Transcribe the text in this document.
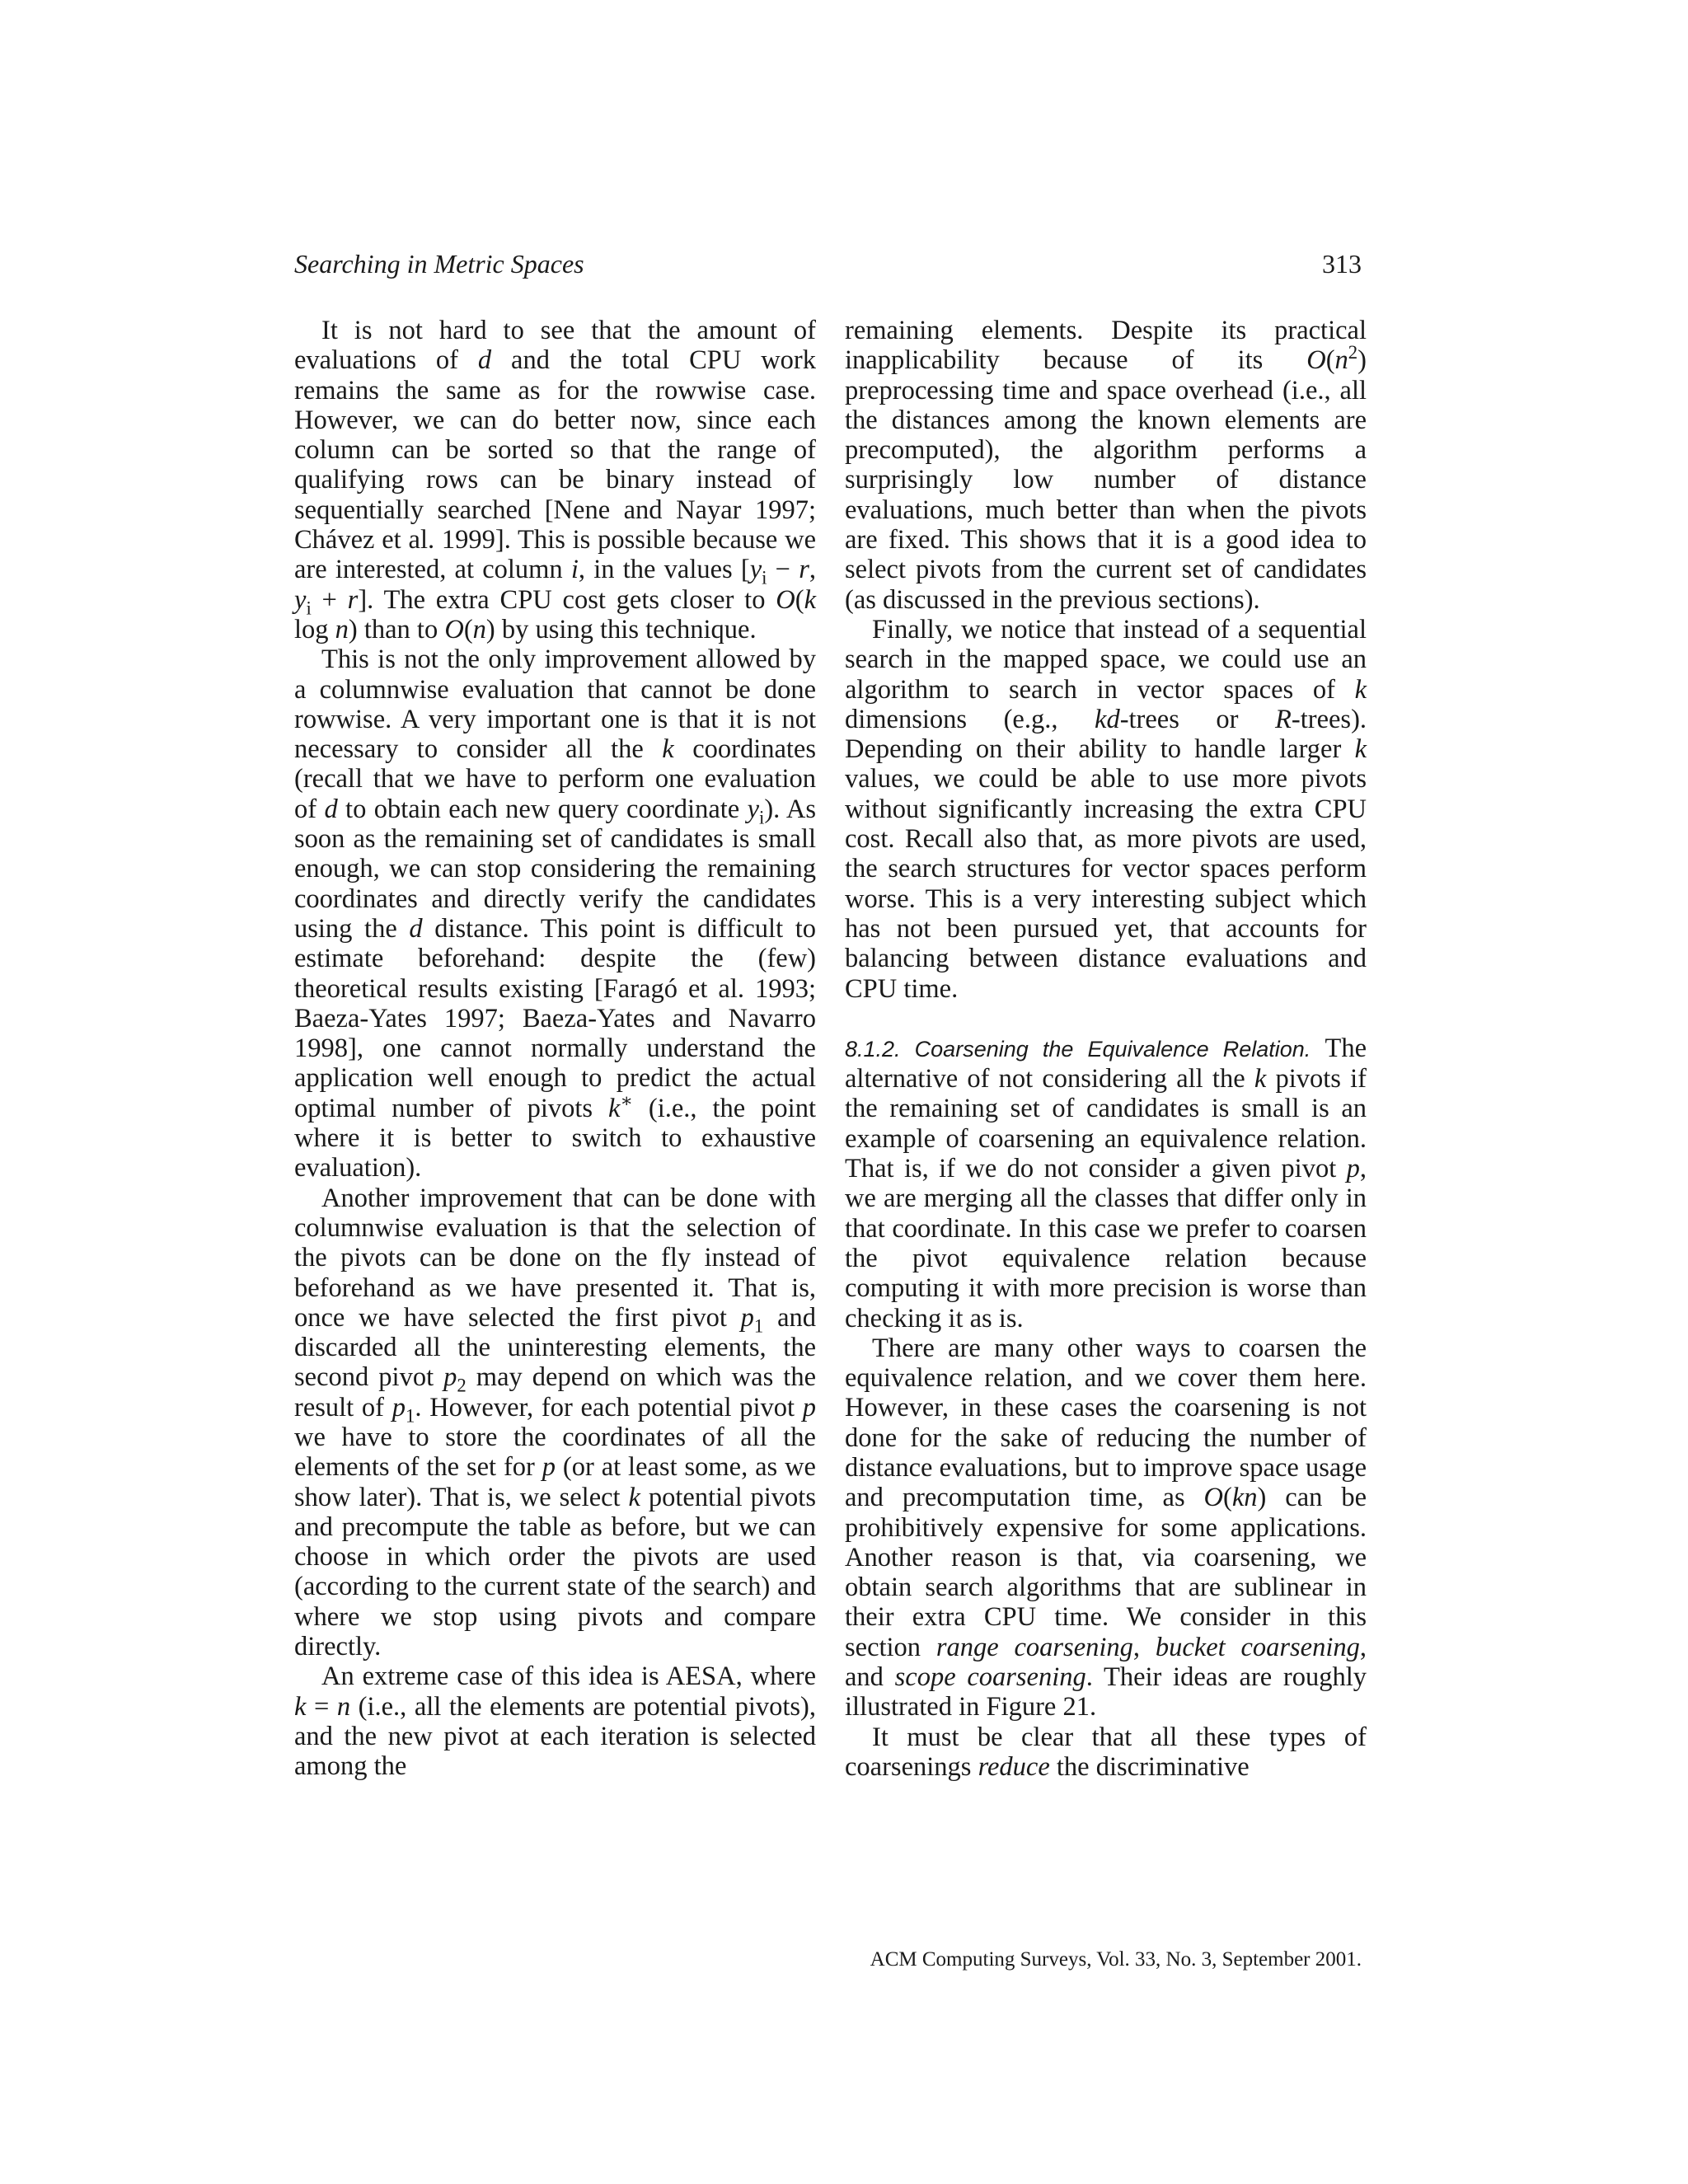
Searching in Metric Spaces	313

It is not hard to see that the amount of evaluations of d and the total CPU work remains the same as for the rowwise case. However, we can do better now, since each column can be sorted so that the range of qualifying rows can be binary instead of sequentially searched [Nene and Nayar 1997; Chávez et al. 1999]. This is possible because we are interested, at column i, in the values [$y_i - r$, $y_i + r$]. The extra CPU cost gets closer to O(k log n) than to O(n) by using this technique.

This is not the only improvement allowed by a columnwise evaluation that cannot be done rowwise. A very important one is that it is not necessary to consider all the k coordinates (recall that we have to perform one evaluation of d to obtain each new query coordinate $y_i$). As soon as the remaining set of candidates is small enough, we can stop considering the remaining coordinates and directly verify the candidates using the d distance. This point is difficult to estimate beforehand: despite the (few) theoretical results existing [Faragó et al. 1993; Baeza-Yates 1997; Baeza-Yates and Navarro 1998], one cannot normally understand the application well enough to predict the actual optimal number of pivots k∗ (i.e., the point where it is better to switch to exhaustive evaluation).

Another improvement that can be done with columnwise evaluation is that the selection of the pivots can be done on the fly instead of beforehand as we have presented it. That is, once we have selected the first pivot $p_1$ and discarded all the uninteresting elements, the second pivot $p_2$ may depend on which was the result of $p_1$. However, for each potential pivot p we have to store the coordinates of all the elements of the set for p (or at least some, as we show later). That is, we select k potential pivots and precompute the table as before, but we can choose in which order the pivots are used (according to the current state of the search) and where we stop using pivots and compare directly.

An extreme case of this idea is AESA, where k = n (i.e., all the elements are potential pivots), and the new pivot at each iteration is selected among the

remaining elements. Despite its practical inapplicability because of its $O(n^2)$ preprocessing time and space overhead (i.e., all the distances among the known elements are precomputed), the algorithm performs a surprisingly low number of distance evaluations, much better than when the pivots are fixed. This shows that it is a good idea to select pivots from the current set of candidates (as discussed in the previous sections).

Finally, we notice that instead of a sequential search in the mapped space, we could use an algorithm to search in vector spaces of k dimensions (e.g., kd-trees or R-trees). Depending on their ability to handle larger k values, we could be able to use more pivots without significantly increasing the extra CPU cost. Recall also that, as more pivots are used, the search structures for vector spaces perform worse. This is a very interesting subject which has not been pursued yet, that accounts for balancing between distance evaluations and CPU time.

8.1.2. Coarsening the Equivalence Relation. The alternative of not considering all the k pivots if the remaining set of candidates is small is an example of coarsening an equivalence relation. That is, if we do not consider a given pivot p, we are merging all the classes that differ only in that coordinate. In this case we prefer to coarsen the pivot equivalence relation because computing it with more precision is worse than checking it as is.

There are many other ways to coarsen the equivalence relation, and we cover them here. However, in these cases the coarsening is not done for the sake of reducing the number of distance evaluations, but to improve space usage and precomputation time, as O(kn) can be prohibitively expensive for some applications. Another reason is that, via coarsening, we obtain search algorithms that are sublinear in their extra CPU time. We consider in this section range coarsening, bucket coarsening, and scope coarsening. Their ideas are roughly illustrated in Figure 21.

It must be clear that all these types of coarsenings reduce the discriminative

ACM Computing Surveys, Vol. 33, No. 3, September 2001.
